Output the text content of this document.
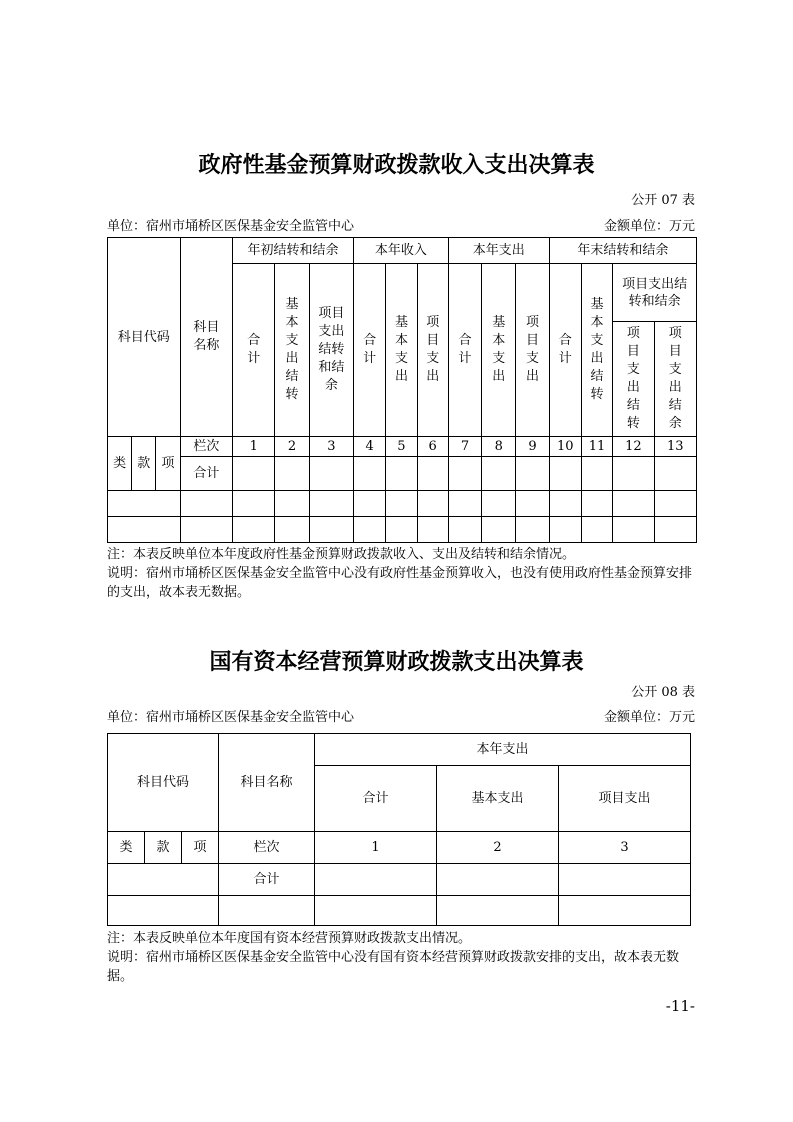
政府性基金预算财政拨款收入支出决算表
公开 07 表
单位：宿州市埇桥区医保基金安全监管中心	金额单位：万元
科目代码			科目名称	年初结转和结余			本年收入			本年支出			年末结转和结余			

				合计	基本支出结转	项目支出结转和结余	合计	基本支出	项目支出	合计	基本支出	项目支出	合计	基本支出结转	项目支出结转和结余	

															项目支出结转	项目支出结余

类	款	项	栏次	1	2	3	4	5	6	7	8	9	10	11	12	13
			合计													

注：本表反映单位本年度政府性基金预算财政拨款收入、支出及结转和结余情况。
说明：宿州市埇桥区医保基金安全监管中心没有政府性基金预算收入，也没有使用政府性基金预算安排的支出，故本表无数据。
国有资本经营预算财政拨款支出决算表
公开 08 表
单位：宿州市埇桥区医保基金安全监管中心	金额单位：万元
科目代码			科目名称	本年支出		
				合计	基本支出	项目支出
类	款	项	栏次	1	2	3
			合计			

注：本表反映单位本年度国有资本经营预算财政拨款支出情况。
说明：宿州市埇桥区医保基金安全监管中心没有国有资本经营预算财政拨款安排的支出，故本表无数据。
-11-
